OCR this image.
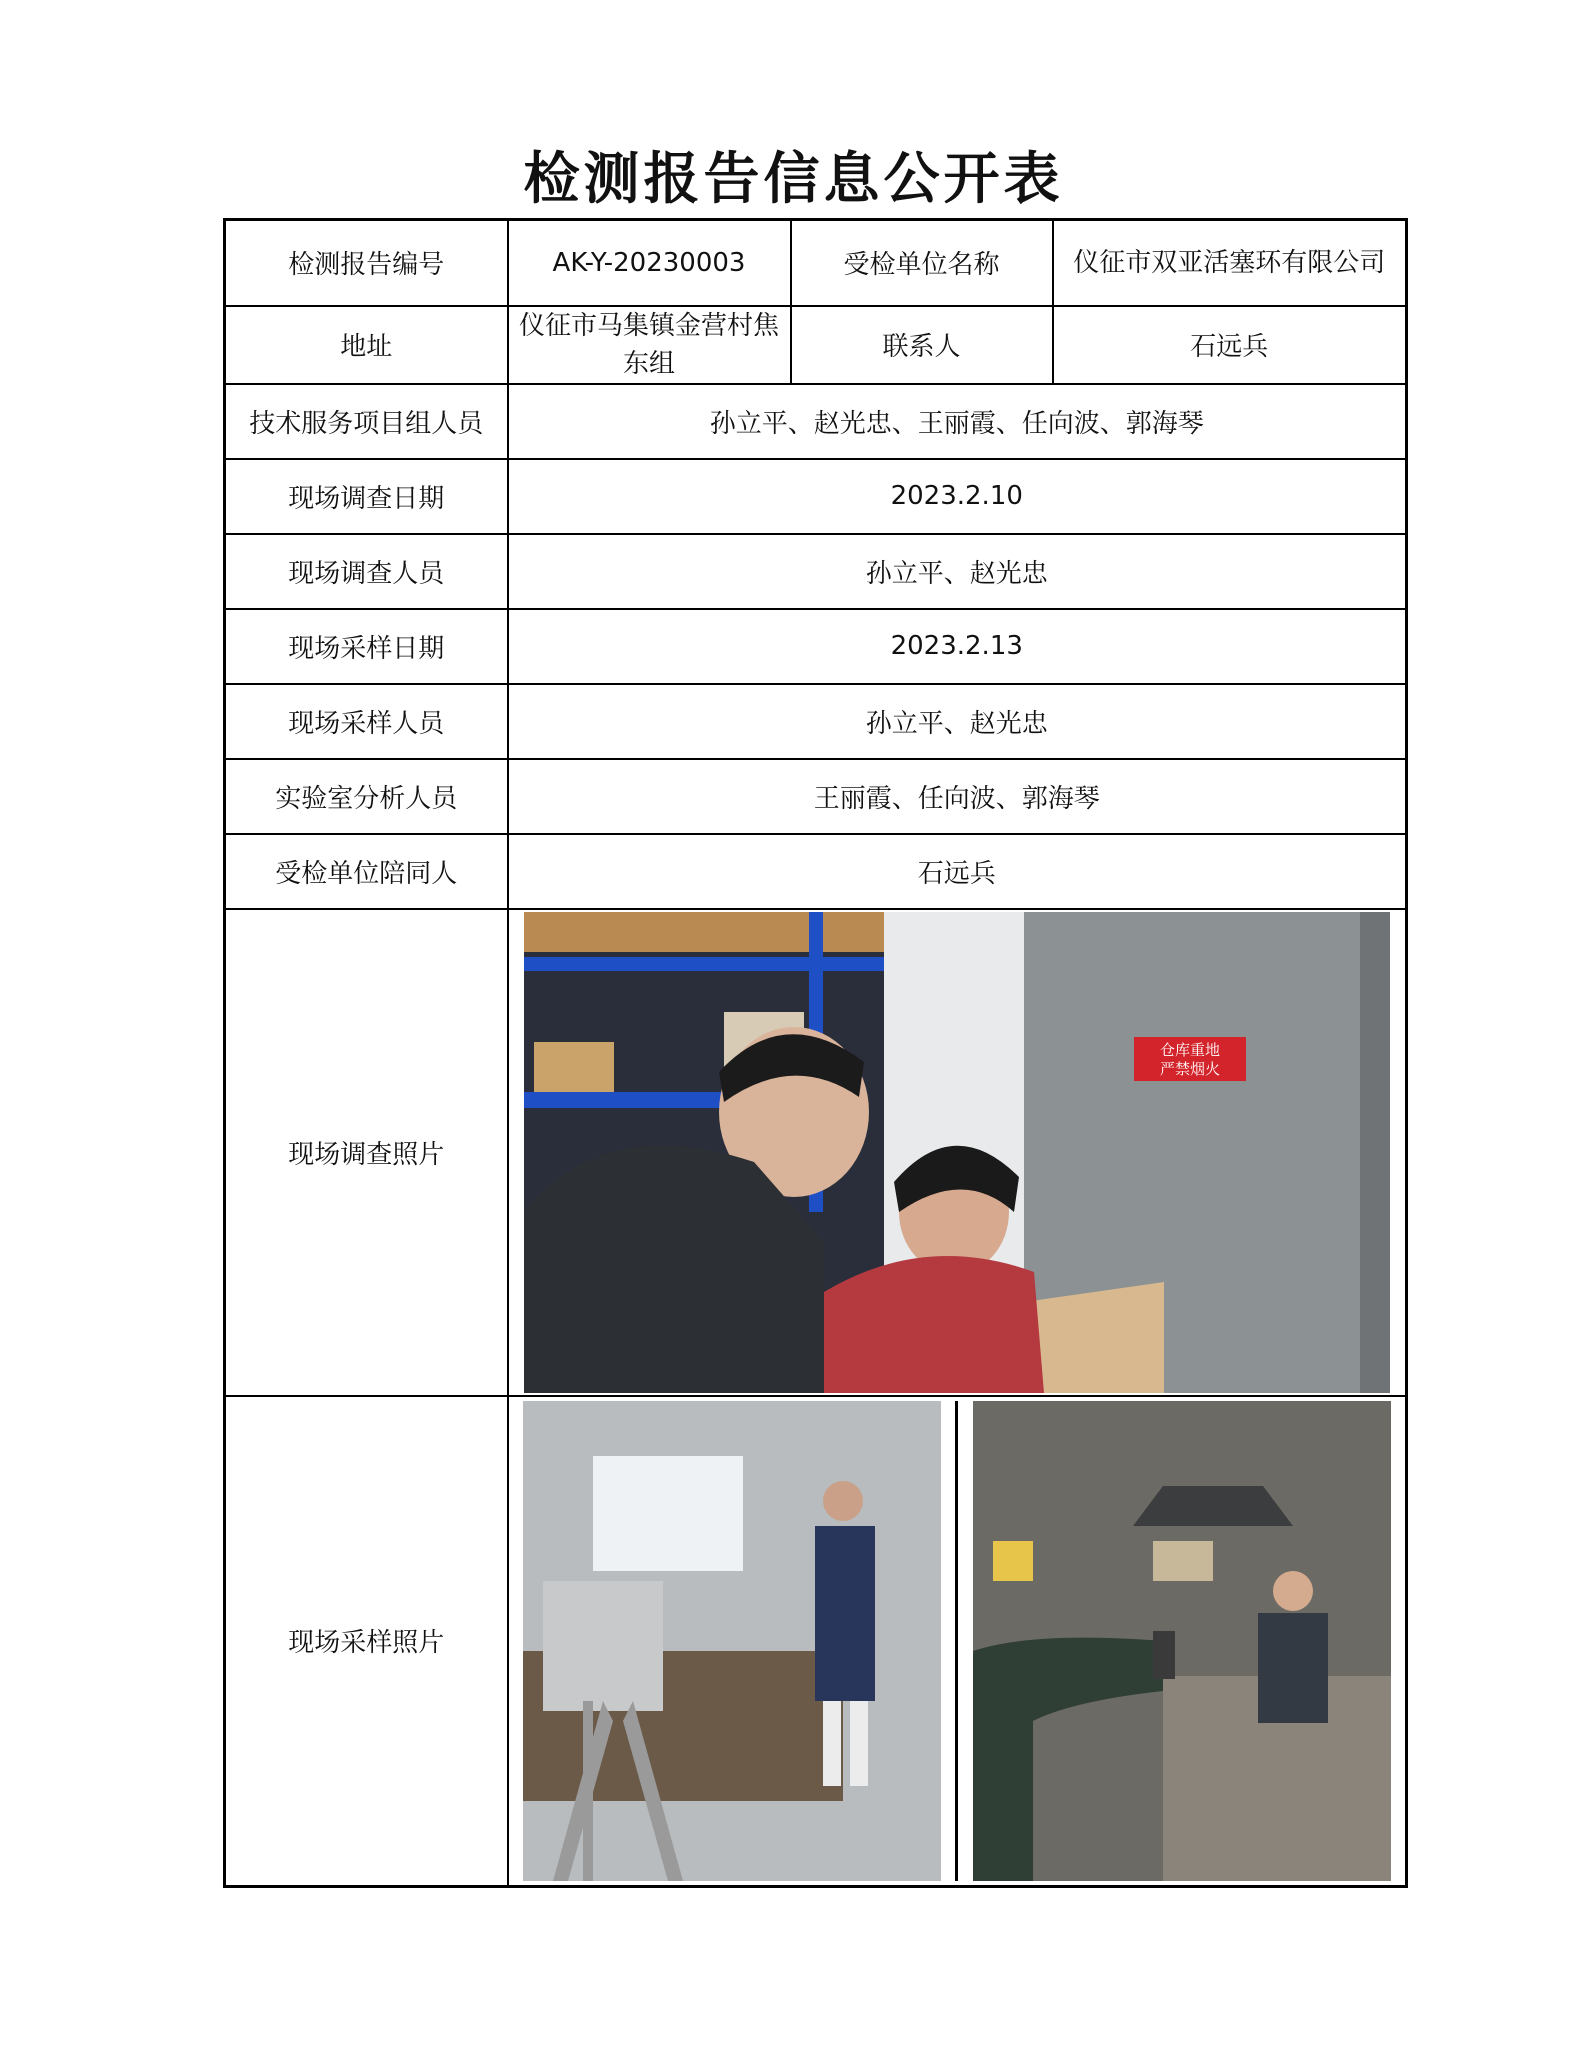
检测报告信息公开表
检测报告编号	AK-Y-20230003	受检单位名称	仪征市双亚活塞环有限公司
地址	仪征市马集镇金营村焦东组	联系人	石远兵
技术服务项目组人员	孙立平、赵光忠、王丽霞、任向波、郭海琴		
现场调查日期	2023.2.10		
现场调查人员	孙立平、赵光忠		
现场采样日期	2023.2.13		
现场采样人员	孙立平、赵光忠		
实验室分析人员	王丽霞、任向波、郭海琴		
受检单位陪同人	石远兵		
现场调查照片	仓库重地
严禁烟火		

现场采样照片	
